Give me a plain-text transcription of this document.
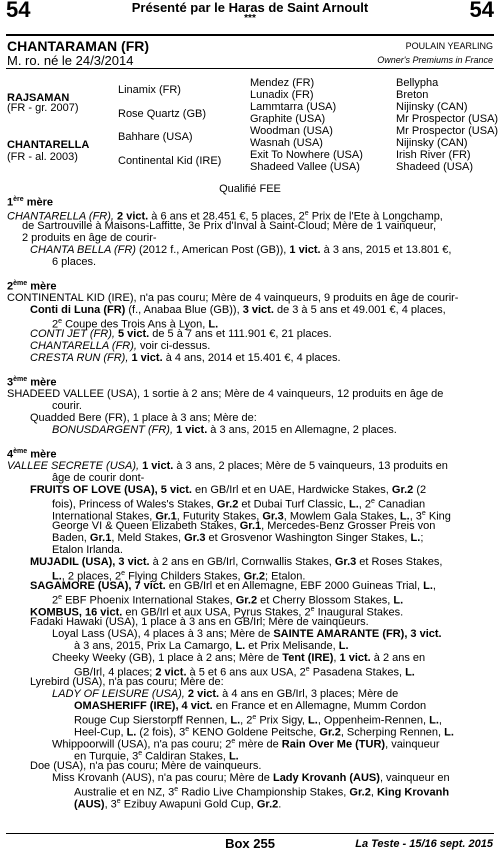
54	54
Présenté par le Haras de Saint Arnoult
***
CHANTARAMAN (FR)	POULAIN YEARLING
M. ro. né le 24/3/2014	Owner's Premiums in France
RAJSAMAN
(FR - gr. 2007)
CHANTARELLA
(FR - al. 2003)
Linamix (FR)
Rose Quartz (GB)
Bahhare (USA)
Continental Kid (IRE)
Mendez (FR)
Lunadix (FR)
Lammtarra (USA)
Graphite (USA)
Woodman (USA)
Wasnah (USA)
Exit To Nowhere (USA)
Shadeed Vallee (USA)
Bellypha
Breton
Nijinsky (CAN)
Mr Prospector (USA)
Mr Prospector (USA)
Nijinsky (CAN)
Irish River (FR)
Shadeed (USA)
Qualifié FEE
1ère mère
2ème mère
3ème mère
4ème mère
CHANTARELLA (FR), 2 vict. à 6 ans et 28.451 €, 5 places, 2e Prix de l'Ete à Longchamp,
de Sartrouville à Maisons-Laffitte, 3e Prix d'Inval à Saint-Cloud; Mère de 1 vainqueur,
2 produits en âge de courir-
CHANTA BELLA (FR) (2012 f., American Post (GB)), 1 vict. à 3 ans, 2015 et 13.801 €,
6 places.
CONTINENTAL KID (IRE), n'a pas couru; Mère de 4 vainqueurs, 9 produits en âge de courir-
Conti di Luna (FR) (f., Anabaa Blue (GB)), 3 vict. de 3 à 5 ans et 49.001 €, 4 places,
2e Coupe des Trois Ans à Lyon, L.
CONTI JET (FR), 5 vict. de 5 à 7 ans et 111.901 €, 21 places.
CHANTARELLA (FR), voir ci-dessus.
CRESTA RUN (FR), 1 vict. à 4 ans, 2014 et 15.401 €, 4 places.
SHADEED VALLEE (USA), 1 sortie à 2 ans; Mère de 4 vainqueurs, 12 produits en âge de
courir.
Quadded Bere (FR), 1 place à 3 ans; Mère de:
BONUSDARGENT (FR), 1 vict. à 3 ans, 2015 en Allemagne, 2 places.
VALLEE SECRETE (USA), 1 vict. à 3 ans, 2 places; Mère de 5 vainqueurs, 13 produits en
âge de courir dont-
FRUITS OF LOVE (USA), 5 vict. en GB/Irl et en UAE, Hardwicke Stakes, Gr.2 (2
fois), Princess of Wales's Stakes, Gr.2 et Dubai Turf Classic, L., 2e Canadian
International Stakes, Gr.1, Futurity Stakes, Gr.3, Mowlem Gala Stakes, L., 3e King
George VI & Queen Elizabeth Stakes, Gr.1, Mercedes-Benz Grosser Preis von
Baden, Gr.1, Meld Stakes, Gr.3 et Grosvenor Washington Singer Stakes, L.;
Etalon Irlanda.
MUJADIL (USA), 3 vict. à 2 ans en GB/Irl, Cornwallis Stakes, Gr.3 et Roses Stakes,
L., 2 places, 2e Flying Childers Stakes, Gr.2; Etalon.
SAGAMORE (USA), 7 vict. en GB/Irl et en Allemagne, EBF 2000 Guineas Trial, L.,
2e EBF Phoenix International Stakes, Gr.2 et Cherry Blossom Stakes, L.
KOMBUS, 16 vict. en GB/Irl et aux USA, Pyrus Stakes, 2e Inaugural Stakes.
Fadaki Hawaki (USA), 1 place à 3 ans en GB/Irl; Mère de vainqueurs.
Loyal Lass (USA), 4 places à 3 ans; Mère de SAINTE AMARANTE (FR), 3 vict.
à 3 ans, 2015, Prix La Camargo, L. et Prix Melisande, L.
Cheeky Weeky (GB), 1 place à 2 ans; Mère de Tent (IRE), 1 vict. à 2 ans en
GB/Irl, 4 places; 2 vict. à 5 et 6 ans aux USA, 2e Pasadena Stakes, L.
Lyrebird (USA), n'a pas couru; Mère de:
LADY OF LEISURE (USA), 2 vict. à 4 ans en GB/Irl, 3 places; Mère de
OMASHERIFF (IRE), 4 vict. en France et en Allemagne, Mumm Cordon
Rouge Cup Sierstorpff Rennen, L., 2e Prix Sigy, L., Oppenheim-Rennen, L.,
Heel-Cup, L. (2 fois), 3e KENO Goldene Peitsche, Gr.2, Scherping Rennen, L.
Whippoorwill (USA), n'a pas couru; 2e mère de Rain Over Me (TUR), vainqueur
en Turquie, 3e Caldiran Stakes, L.
Doe (USA), n'a pas couru; Mère de vainqueurs.
Miss Krovanh (AUS), n'a pas couru; Mère de Lady Krovanh (AUS), vainqueur en
Australie et en NZ, 3e Radio Live Championship Stakes, Gr.2, King Krovanh
(AUS), 3e Ezibuy Awapuni Gold Cup, Gr.2.
Box 255	La Teste - 15/16 sept. 2015
